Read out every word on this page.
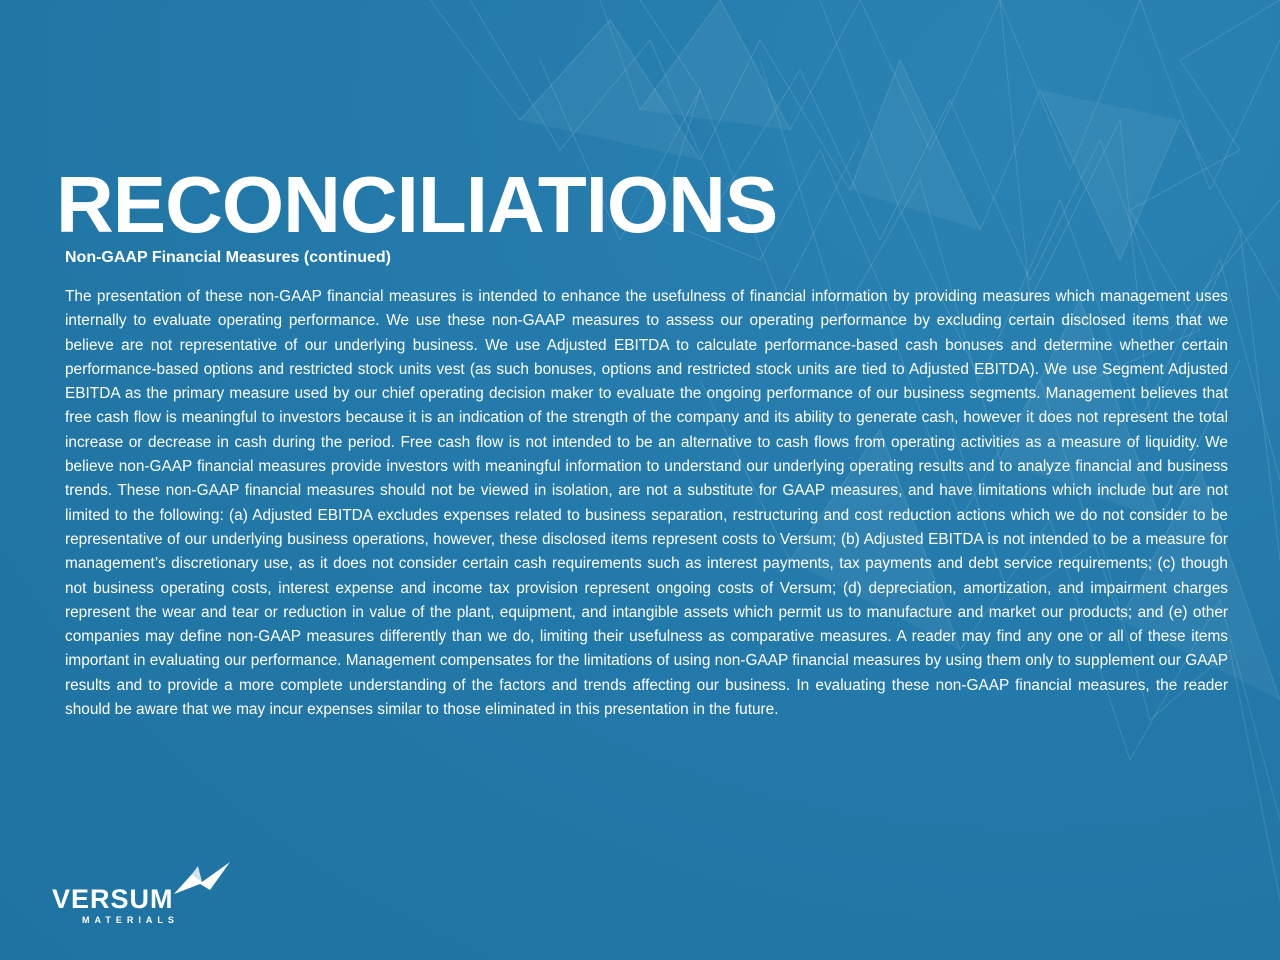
RECONCILIATIONS
Non-GAAP Financial Measures (continued)

The presentation of these non-GAAP financial measures is intended to enhance the usefulness of financial information by providing measures which management uses internally to evaluate operating performance. We use these non-GAAP measures to assess our operating performance by excluding certain disclosed items that we believe are not representative of our underlying business. We use Adjusted EBITDA to calculate performance-based cash bonuses and determine whether certain performance-based options and restricted stock units vest (as such bonuses, options and restricted stock units are tied to Adjusted EBITDA). We use Segment Adjusted EBITDA as the primary measure used by our chief operating decision maker to evaluate the ongoing performance of our business segments. Management believes that free cash flow is meaningful to investors because it is an indication of the strength of the company and its ability to generate cash, however it does not represent the total increase or decrease in cash during the period. Free cash flow is not intended to be an alternative to cash flows from operating activities as a measure of liquidity. We believe non-GAAP financial measures provide investors with meaningful information to understand our underlying operating results and to analyze financial and business trends. These non-GAAP financial measures should not be viewed in isolation, are not a substitute for GAAP measures, and have limitations which include but are not limited to the following: (a) Adjusted EBITDA excludes expenses related to business separation, restructuring and cost reduction actions which we do not consider to be representative of our underlying business operations, however, these disclosed items represent costs to Versum; (b) Adjusted EBITDA is not intended to be a measure for management’s discretionary use, as it does not consider certain cash requirements such as interest payments, tax payments and debt service requirements; (c) though not business operating costs, interest expense and income tax provision represent ongoing costs of Versum; (d) depreciation, amortization, and impairment charges represent the wear and tear or reduction in value of the plant, equipment, and intangible assets which permit us to manufacture and market our products; and (e) other companies may define non-GAAP measures differently than we do, limiting their usefulness as comparative measures. A reader may find any one or all of these items important in evaluating our performance. Management compensates for the limitations of using non-GAAP financial measures by using them only to supplement our GAAP results and to provide a more complete understanding of the factors and trends affecting our business. In evaluating these non-GAAP financial measures, the reader should be aware that we may incur expenses similar to those eliminated in this presentation in the future.

VERSUM
MATERIALS
